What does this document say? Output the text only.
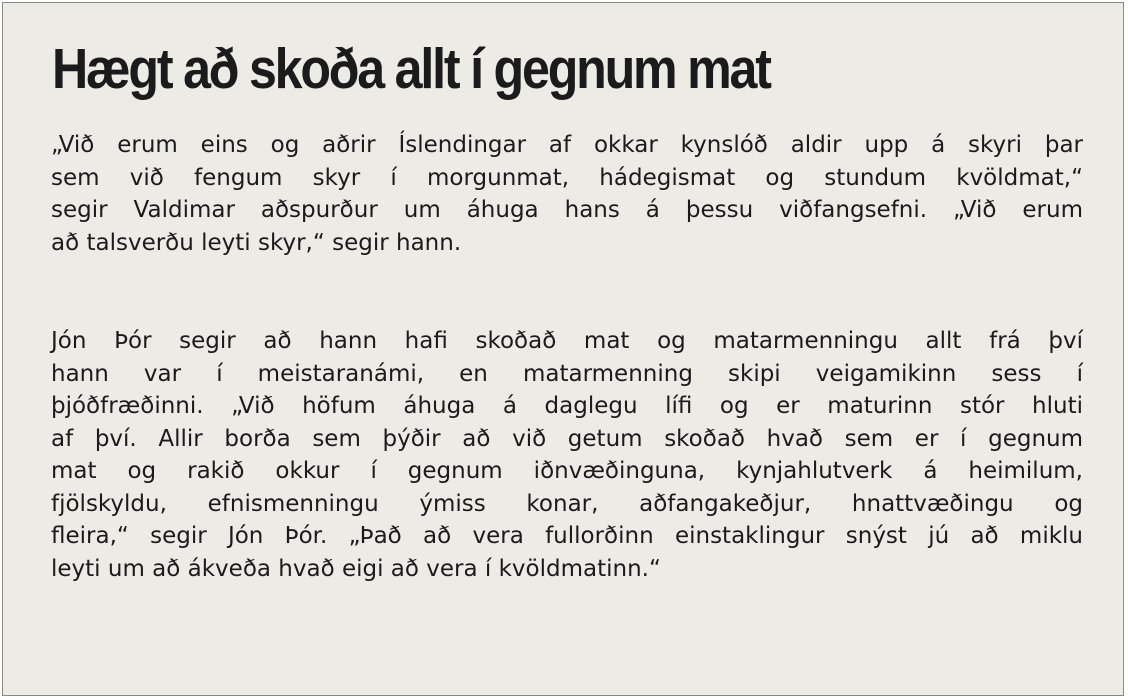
Hægt að skoða allt í gegnum mat

„Við erum eins og aðrir Íslendingar af okkar kynslóð aldir upp á skyri þar
sem við fengum skyr í morgunmat, hádegismat og stundum kvöldmat,“
segir Valdimar aðspurður um áhuga hans á þessu viðfangsefni. „Við erum
að talsverðu leyti skyr,“ segir hann.

Jón Þór segir að hann hafi skoðað mat og matarmenningu allt frá því
hann var í meistaranámi, en matarmenning skipi veigamikinn sess í
þjóðfræðinni. „Við höfum áhuga á daglegu lífi og er maturinn stór hluti
af því. Allir borða sem þýðir að við getum skoðað hvað sem er í gegnum
mat og rakið okkur í gegnum iðnvæðinguna, kynjahlutverk á heimilum,
fjölskyldu, efnismenningu ýmiss konar, aðfangakeðjur, hnattvæðingu og
fleira,“ segir Jón Þór. „Það að vera fullorðinn einstaklingur snýst jú að miklu
leyti um að ákveða hvað eigi að vera í kvöldmatinn.“
